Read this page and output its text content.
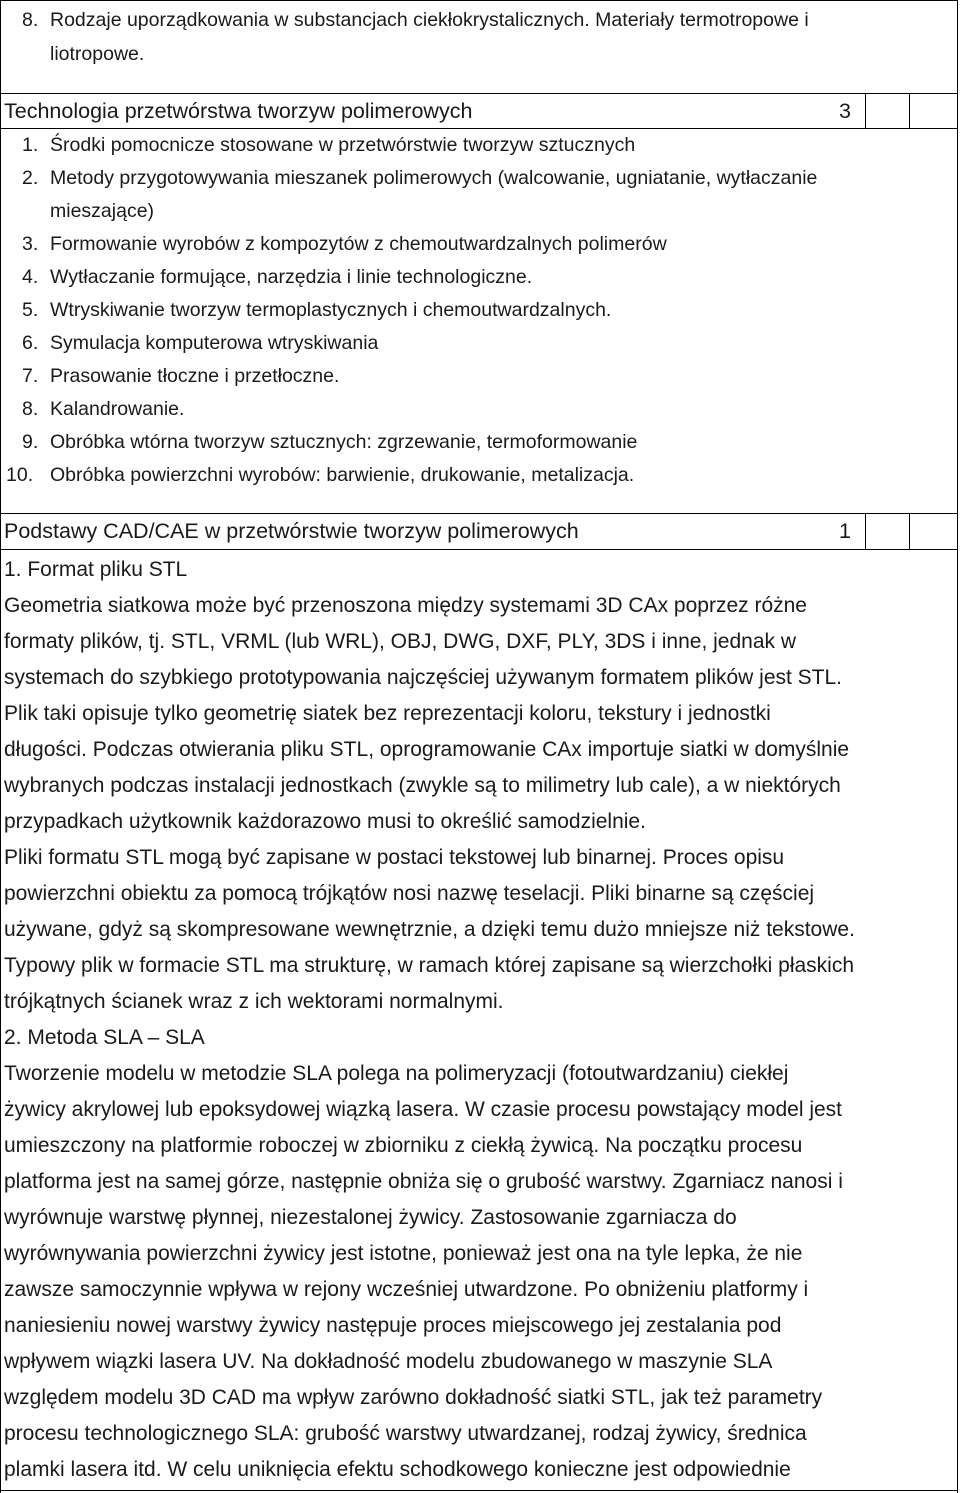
8. Rodzaje uporządkowania w substancjach ciekłokrystalicznych. Materiały termotropowe i
liotropowe.
Technologia przetwórstwa tworzyw polimerowych	3
1. Środki pomocnicze stosowane w przetwórstwie tworzyw sztucznych
2. Metody przygotowywania mieszanek polimerowych (walcowanie, ugniatanie, wytłaczanie
mieszające)
3. Formowanie wyrobów z kompozytów z chemoutwardzalnych polimerów
4. Wytłaczanie formujące, narzędzia i linie technologiczne.
5. Wtryskiwanie tworzyw termoplastycznych i chemoutwardzalnych.
6. Symulacja komputerowa wtryskiwania
7. Prasowanie tłoczne i przetłoczne.
8. Kalandrowanie.
9. Obróbka wtórna tworzyw sztucznych: zgrzewanie, termoformowanie
10. Obróbka powierzchni wyrobów: barwienie, drukowanie, metalizacja.
Podstawy CAD/CAE w przetwórstwie tworzyw polimerowych	1
1. Format pliku STL
Geometria siatkowa może być przenoszona między systemami 3D CAx poprzez różne
formaty plików, tj. STL, VRML (lub WRL), OBJ, DWG, DXF, PLY, 3DS i inne, jednak w
systemach do szybkiego prototypowania najczęściej używanym formatem plików jest STL.
Plik taki opisuje tylko geometrię siatek bez reprezentacji koloru, tekstury i jednostki
długości. Podczas otwierania pliku STL, oprogramowanie CAx importuje siatki w domyślnie
wybranych podczas instalacji jednostkach (zwykle są to milimetry lub cale), a w niektórych
przypadkach użytkownik każdorazowo musi to określić samodzielnie.
Pliki formatu STL mogą być zapisane w postaci tekstowej lub binarnej. Proces opisu
powierzchni obiektu za pomocą trójkątów nosi nazwę teselacji. Pliki binarne są częściej
używane, gdyż są skompresowane wewnętrznie, a dzięki temu dużo mniejsze niż tekstowe.
Typowy plik w formacie STL ma strukturę, w ramach której zapisane są wierzchołki płaskich
trójkątnych ścianek wraz z ich wektorami normalnymi.
2. Metoda SLA – SLA
Tworzenie modelu w metodzie SLA polega na polimeryzacji (fotoutwardzaniu) ciekłej
żywicy akrylowej lub epoksydowej wiązką lasera. W czasie procesu powstający model jest
umieszczony na platformie roboczej w zbiorniku z ciekłą żywicą. Na początku procesu
platforma jest na samej górze, następnie obniża się o grubość warstwy. Zgarniacz nanosi i
wyrównuje warstwę płynnej, niezestalonej żywicy. Zastosowanie zgarniacza do
wyrównywania powierzchni żywicy jest istotne, ponieważ jest ona na tyle lepka, że nie
zawsze samoczynnie wpływa w rejony wcześniej utwardzone. Po obniżeniu platformy i
naniesieniu nowej warstwy żywicy następuje proces miejscowego jej zestalania pod
wpływem wiązki lasera UV. Na dokładność modelu zbudowanego w maszynie SLA
względem modelu 3D CAD ma wpływ zarówno dokładność siatki STL, jak też parametry
procesu technologicznego SLA: grubość warstwy utwardzanej, rodzaj żywicy, średnica
plamki lasera itd. W celu uniknięcia efektu schodkowego konieczne jest odpowiednie
